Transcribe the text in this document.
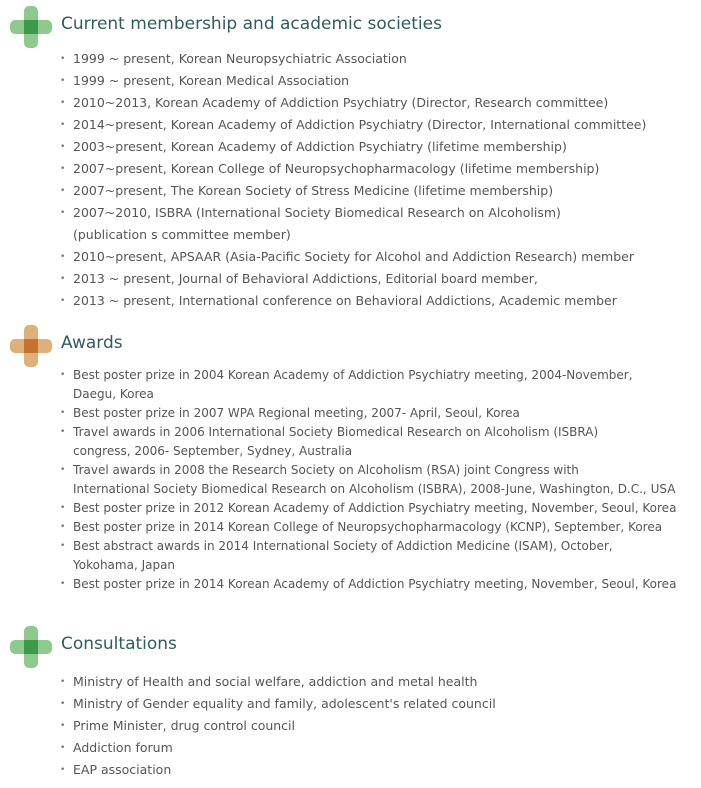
Current membership and academic societies
• 1999 ~ present, Korean Neuropsychiatric Association
• 1999 ~ present, Korean Medical Association
• 2010~2013, Korean Academy of Addiction Psychiatry (Director, Research committee)
• 2014~present, Korean Academy of Addiction Psychiatry (Director, International committee)
• 2003~present, Korean Academy of Addiction Psychiatry (lifetime membership)
• 2007~present, Korean College of Neuropsychopharmacology (lifetime membership)
• 2007~present, The Korean Society of Stress Medicine (lifetime membership)
• 2007~2010, ISBRA (International Society Biomedical Research on Alcoholism)
(publication s committee member)
• 2010~present, APSAAR (Asia-Pacific Society for Alcohol and Addiction Research) member
• 2013 ~ present, Journal of Behavioral Addictions, Editorial board member,
• 2013 ~ present, International conference on Behavioral Addictions, Academic member
Awards
• Best poster prize in 2004 Korean Academy of Addiction Psychiatry meeting, 2004-November,
Daegu, Korea
• Best poster prize in 2007 WPA Regional meeting, 2007- April, Seoul, Korea
• Travel awards in 2006 International Society Biomedical Research on Alcoholism (ISBRA)
congress, 2006- September, Sydney, Australia
• Travel awards in 2008 the Research Society on Alcoholism (RSA) joint Congress with
International Society Biomedical Research on Alcoholism (ISBRA), 2008-June, Washington, D.C., USA
• Best poster prize in 2012 Korean Academy of Addiction Psychiatry meeting, November, Seoul, Korea
• Best poster prize in 2014 Korean College of Neuropsychopharmacology (KCNP), September, Korea
• Best abstract awards in 2014 International Society of Addiction Medicine (ISAM), October,
Yokohama, Japan
• Best poster prize in 2014 Korean Academy of Addiction Psychiatry meeting, November, Seoul, Korea
Consultations
• Ministry of Health and social welfare, addiction and metal health
• Ministry of Gender equality and family, adolescent's related council
• Prime Minister, drug control council
• Addiction forum
• EAP association
